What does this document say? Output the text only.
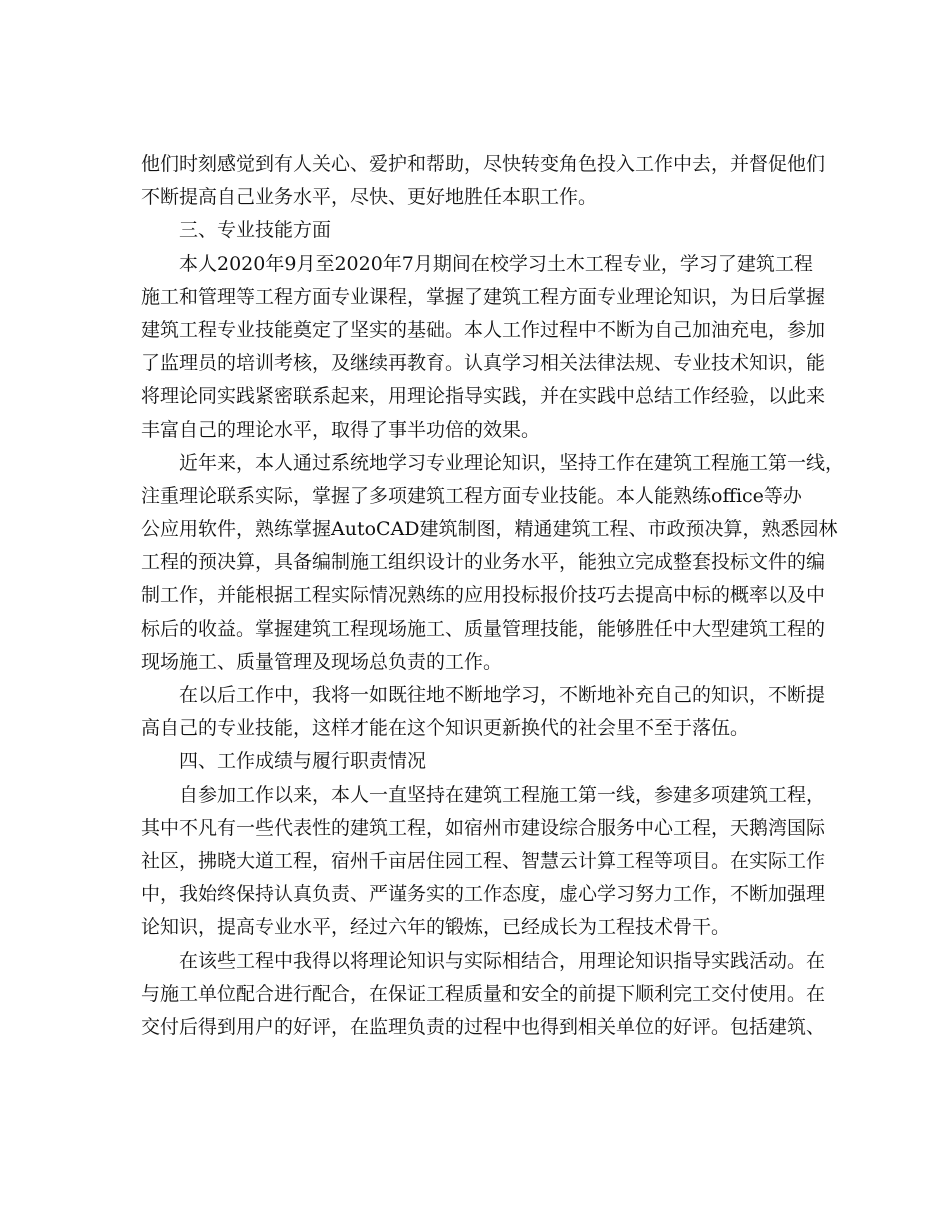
他们时刻感觉到有人关心、爱护和帮助，尽快转变角色投入工作中去，并督促他们
不断提高自己业务水平，尽快、更好地胜任本职工作。
三、专业技能方面
本人2020年9月至2020年7月期间在校学习土木工程专业，学习了建筑工程
施工和管理等工程方面专业课程，掌握了建筑工程方面专业理论知识，为日后掌握
建筑工程专业技能奠定了坚实的基础。本人工作过程中不断为自己加油充电，参加
了监理员的培训考核，及继续再教育。认真学习相关法律法规、专业技术知识，能
将理论同实践紧密联系起来，用理论指导实践，并在实践中总结工作经验，以此来
丰富自己的理论水平，取得了事半功倍的效果。
近年来，本人通过系统地学习专业理论知识，坚持工作在建筑工程施工第一线，
注重理论联系实际，掌握了多项建筑工程方面专业技能。本人能熟练office等办
公应用软件，熟练掌握AutoCAD建筑制图，精通建筑工程、市政预决算，熟悉园林
工程的预决算，具备编制施工组织设计的业务水平，能独立完成整套投标文件的编
制工作，并能根据工程实际情况熟练的应用投标报价技巧去提高中标的概率以及中
标后的收益。掌握建筑工程现场施工、质量管理技能，能够胜任中大型建筑工程的
现场施工、质量管理及现场总负责的工作。
在以后工作中，我将一如既往地不断地学习，不断地补充自己的知识，不断提
高自己的专业技能，这样才能在这个知识更新换代的社会里不至于落伍。
四、工作成绩与履行职责情况
自参加工作以来，本人一直坚持在建筑工程施工第一线，参建多项建筑工程，
其中不凡有一些代表性的建筑工程，如宿州市建设综合服务中心工程，天鹅湾国际
社区，拂晓大道工程，宿州千亩居住园工程、智慧云计算工程等项目。在实际工作
中，我始终保持认真负责、严谨务实的工作态度，虚心学习努力工作，不断加强理
论知识，提高专业水平，经过六年的锻炼，已经成长为工程技术骨干。
在该些工程中我得以将理论知识与实际相结合，用理论知识指导实践活动。在
与施工单位配合进行配合，在保证工程质量和安全的前提下顺利完工交付使用。在
交付后得到用户的好评，在监理负责的过程中也得到相关单位的好评。包括建筑、
